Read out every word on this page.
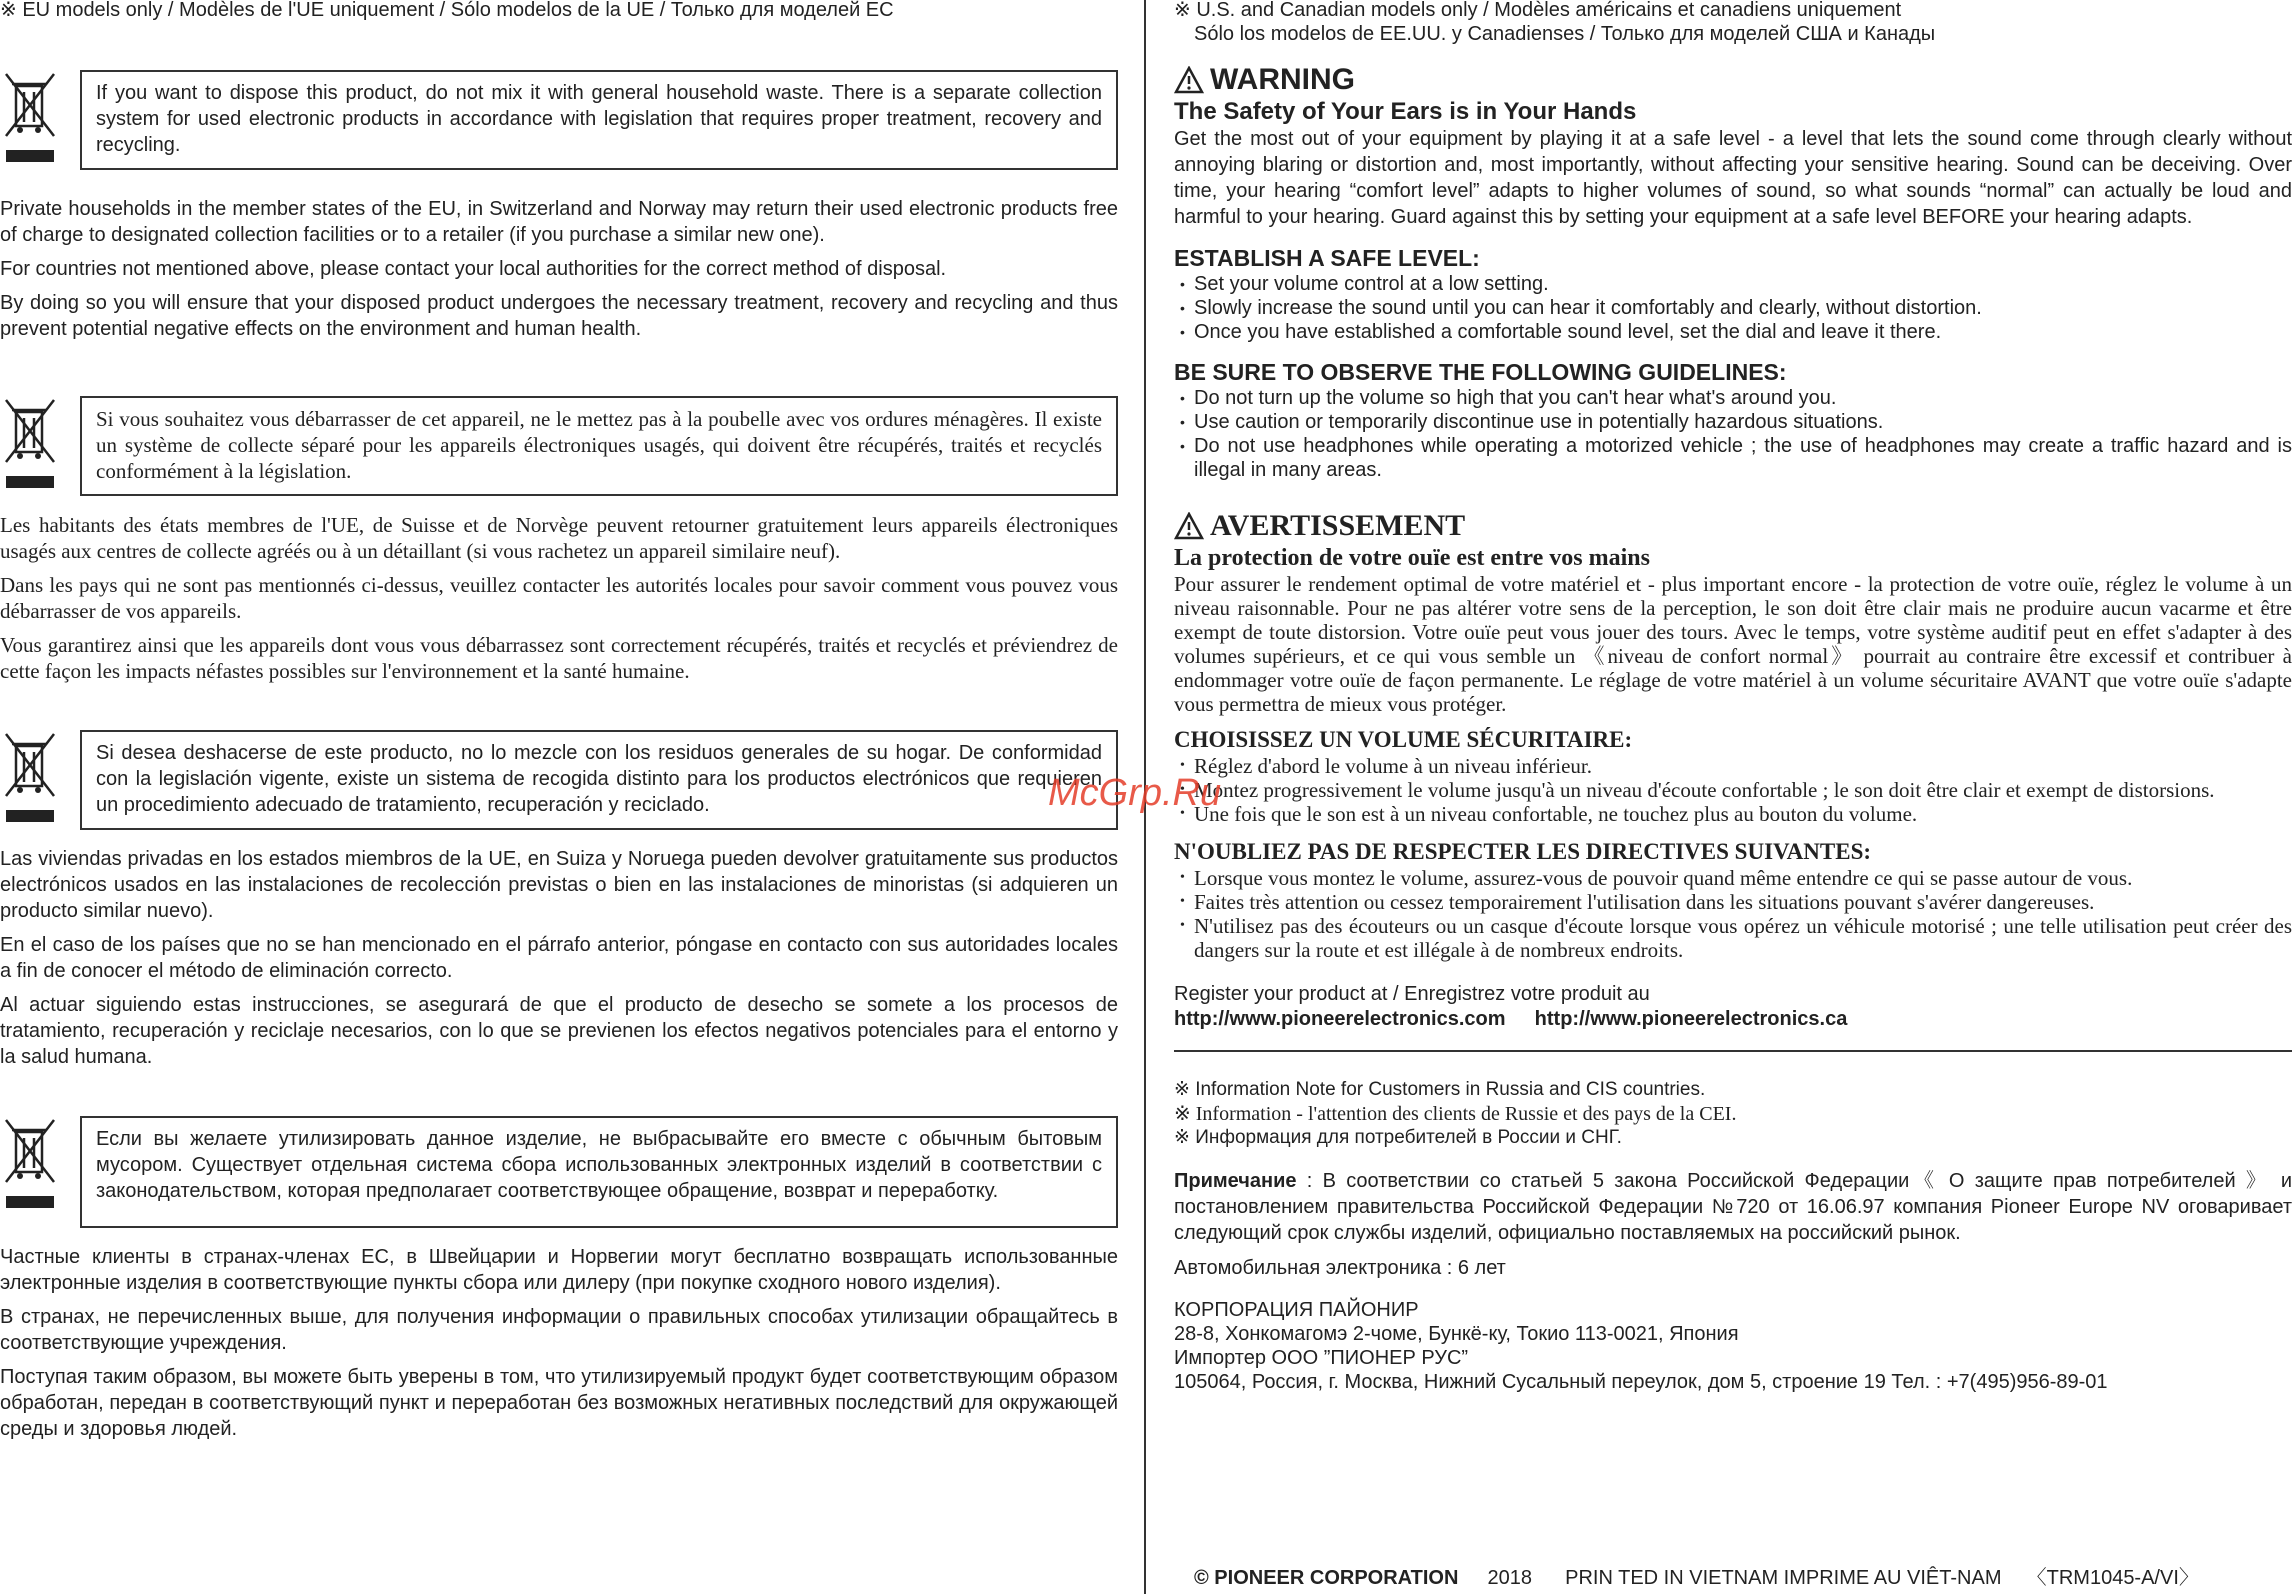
※ EU models only / Modèles de l'UE uniquement / Sólo modelos de la UE / Только для моделей ЕС

If you want to dispose this product, do not mix it with general household waste. There is a separate collection system for used electronic products in accordance with legislation that requires proper treatment, recovery and recycling.

Private households in the member states of the EU, in Switzerland and Norway may return their used electronic products free of charge to designated collection facilities or to a retailer (if you purchase a similar new one).

For countries not mentioned above, please contact your local authorities for the correct method of disposal.

By doing so you will ensure that your disposed product undergoes the necessary treatment, recovery and recycling and thus prevent potential negative effects on the environment and human health.

Si vous souhaitez vous débarrasser de cet appareil, ne le mettez pas à la poubelle avec vos ordures ménagères. Il existe un système de collecte séparé pour les appareils électroniques usagés, qui doivent être récupérés, traités et recyclés conformément à la législation.

Les habitants des états membres de l'UE, de Suisse et de Norvège peuvent retourner gratuitement leurs appareils électroniques usagés aux centres de collecte agréés ou à un détaillant (si vous rachetez un appareil similaire neuf).

Dans les pays qui ne sont pas mentionnés ci-dessus, veuillez contacter les autorités locales pour savoir comment vous pouvez vous débarrasser de vos appareils.

Vous garantirez ainsi que les appareils dont vous vous débarrassez sont correctement récupérés, traités et recyclés et préviendrez de cette façon les impacts néfastes possibles sur l'environnement et la santé humaine.

Si desea deshacerse de este producto, no lo mezcle con los residuos generales de su hogar. De conformidad con la legislación vigente, existe un sistema de recogida distinto para los productos electrónicos que requieren un procedimiento adecuado de tratamiento, recuperación y reciclado.

Las viviendas privadas en los estados miembros de la UE, en Suiza y Noruega pueden devolver gratuitamente sus productos electrónicos usados en las instalaciones de recolección previstas o bien en las instalaciones de minoristas (si adquieren un producto similar nuevo).

En el caso de los países que no se han mencionado en el párrafo anterior, póngase en contacto con sus autoridades locales a fin de conocer el método de eliminación correcto.

Al actuar siguiendo estas instrucciones, se asegurará de que el producto de desecho se somete a los procesos de tratamiento, recuperación y reciclaje necesarios, con lo que se previenen los efectos negativos potenciales para el entorno y la salud humana.

Если вы желаете утилизировать данное изделие, не выбрасывайте его вместе с обычным бытовым мусором. Существует отдельная система сбора использованных электронных изделий в соответствии с законодательством, которая предполагает соответствующее обращение, возврат и переработку.

Частные клиенты в странах-членах ЕС, в Швейцарии и Норвегии могут бесплатно возвращать использованные электронные изделия в соответствующие пункты сбора или дилеру (при покупке сходного нового изделия).

В странах, не перечисленных выше, для получения информации о правильных способах утилизации обращайтесь в соответствующие учреждения.

Поступая таким образом, вы можете быть уверены в том, что утилизируемый продукт будет соответствующим образом обработан, передан в соответствующий пункт и переработан без возможных негативных последствий для окружающей среды и здоровья людей.

※ U.S. and Canadian models only / Modèles américains et canadiens uniquement

Sólo los modelos de EE.UU. y Canadienses / Только для моделей США и Канады

WARNING
The Safety of Your Ears is in Your Hands

Get the most out of your equipment by playing it at a safe level - a level that lets the sound come through clearly without annoying blaring or distortion and, most importantly, without affecting your sensitive hearing. Sound can be deceiving. Over time, your hearing “comfort level” adapts to higher volumes of sound, so what sounds “normal” can actually be loud and harmful to your hearing. Guard against this by setting your equipment at a safe level BEFORE your hearing adapts.

ESTABLISH A SAFE LEVEL:
• Set your volume control at a low setting.
• Slowly increase the sound until you can hear it comfortably and clearly, without distortion.
• Once you have established a comfortable sound level, set the dial and leave it there.
BE SURE TO OBSERVE THE FOLLOWING GUIDELINES:
• Do not turn up the volume so high that you can't hear what's around you.
• Use caution or temporarily discontinue use in potentially hazardous situations.
• Do not use headphones while operating a motorized vehicle ; the use of headphones may create a traffic hazard and is illegal in many areas.
AVERTISSEMENT
La protection de votre ouïe est entre vos mains

Pour assurer le rendement optimal de votre matériel et - plus important encore - la protection de votre ouïe, réglez le volume à un niveau raisonnable. Pour ne pas altérer votre sens de la perception, le son doit être clair mais ne produire aucun vacarme et être exempt de toute distorsion. Votre ouïe peut vous jouer des tours. Avec le temps, votre système auditif peut en effet s'adapter à des volumes supérieurs, et ce qui vous semble un 《niveau de confort normal》 pourrait au contraire être excessif et contribuer à endommager votre ouïe de façon permanente. Le réglage de votre matériel à un volume sécuritaire AVANT que votre ouïe s'adapte vous permettra de mieux vous protéger.

CHOISISSEZ UN VOLUME SÉCURITAIRE:
• Réglez d'abord le volume à un niveau inférieur.
• Montez progressivement le volume jusqu'à un niveau d'écoute confortable ; le son doit être clair et exempt de distorsions.
• Une fois que le son est à un niveau confortable, ne touchez plus au bouton du volume.
N'OUBLIEZ PAS DE RESPECTER LES DIRECTIVES SUIVANTES:
• Lorsque vous montez le volume, assurez-vous de pouvoir quand même entendre ce qui se passe autour de vous.
• Faites très attention ou cessez temporairement l'utilisation dans les situations pouvant s'avérer dangereuses.
• N'utilisez pas des écouteurs ou un casque d'écoute lorsque vous opérez un véhicule motorisé ; une telle utilisation peut créer des dangers sur la route et est illégale à de nombreux endroits.

Register your product at / Enregistrez votre produit au

http://www.pioneerelectronics.com http://www.pioneerelectronics.ca

※ Information Note for Customers in Russia and CIS countries.

※ Information - l'attention des clients de Russie et des pays de la CEI.

※ Информация для потребителей в России и СНГ.

Примечание : В соответствии со статьей 5 закона Российской Федерации《 О защите прав потребителей 》 и постановлением правительства Российской Федерации №720 от 16.06.97 компания Pioneer Europe NV оговаривает следующий срок службы изделий, официально поставляемых на российский рынок.

Автомобильная электроника : 6 лет

КОРПОРАЦИЯ ПАЙОНИР

28-8, Хонкомагомэ 2-чоме, Бункё-ку, Токио 113-0021, Япония

Импортер ООО ”ПИОНЕР РУС”

105064, Россия, г. Москва, Нижний Сусальный переулок, дом 5, строение 19 Тел. : +7(495)956-89-01

© PIONEER CORPORATION 2018 PRIN TED IN VIETNAM IMPRIME AU VIÊT-NAM 〈TRM1045-A/VI〉
McGrp.Ru
